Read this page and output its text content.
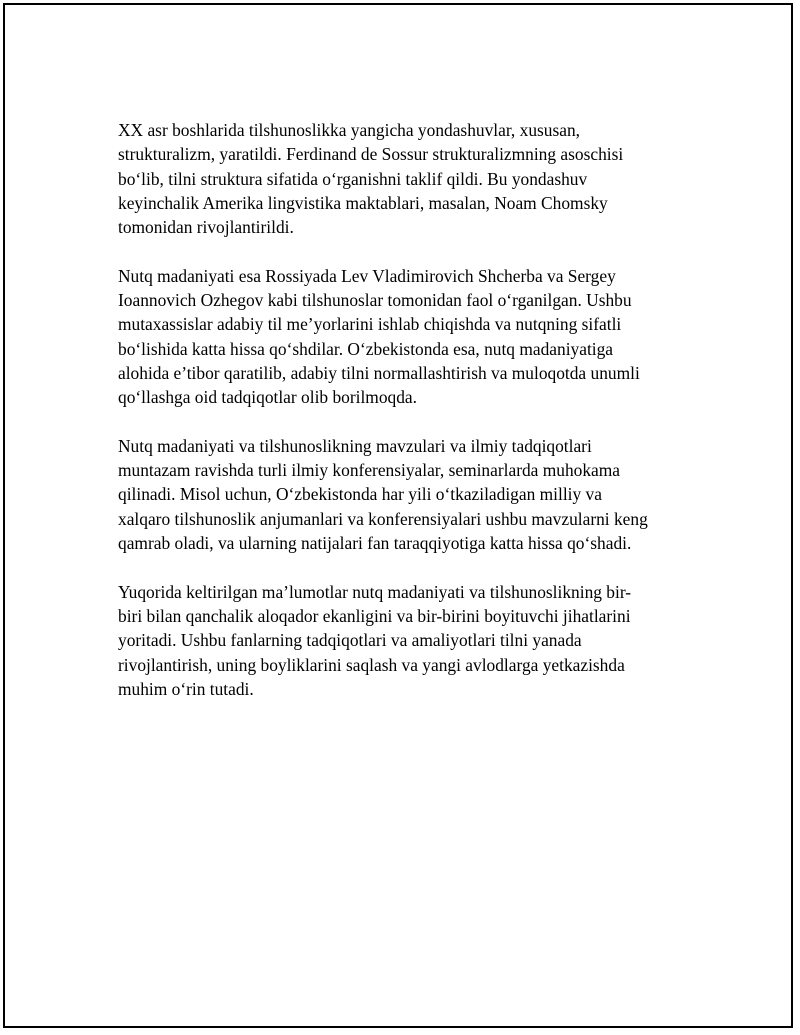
XX asr boshlarida tilshunoslikka yangicha yondashuvlar, xususan,
strukturalizm, yaratildi. Ferdinand de Sossur strukturalizmning asoschisi
bo‘lib, tilni struktura sifatida o‘rganishni taklif qildi. Bu yondashuv
keyinchalik Amerika lingvistika maktablari, masalan, Noam Chomsky
tomonidan rivojlantirildi.

Nutq madaniyati esa Rossiyada Lev Vladimirovich Shcherba va Sergey
Ioannovich Ozhegov kabi tilshunoslar tomonidan faol o‘rganilgan. Ushbu
mutaxassislar adabiy til me’yorlarini ishlab chiqishda va nutqning sifatli
bo‘lishida katta hissa qo‘shdilar. O‘zbekistonda esa, nutq madaniyatiga
alohida e’tibor qaratilib, adabiy tilni normallashtirish va muloqotda unumli
qo‘llashga oid tadqiqotlar olib borilmoqda.

Nutq madaniyati va tilshunoslikning mavzulari va ilmiy tadqiqotlari
muntazam ravishda turli ilmiy konferensiyalar, seminarlarda muhokama
qilinadi. Misol uchun, O‘zbekistonda har yili o‘tkaziladigan milliy va
xalqaro tilshunoslik anjumanlari va konferensiyalari ushbu mavzularni keng
qamrab oladi, va ularning natijalari fan taraqqiyotiga katta hissa qo‘shadi.

Yuqorida keltirilgan ma’lumotlar nutq madaniyati va tilshunoslikning bir-
biri bilan qanchalik aloqador ekanligini va bir-birini boyituvchi jihatlarini
yoritadi. Ushbu fanlarning tadqiqotlari va amaliyotlari tilni yanada
rivojlantirish, uning boyliklarini saqlash va yangi avlodlarga yetkazishda
muhim o‘rin tutadi.
